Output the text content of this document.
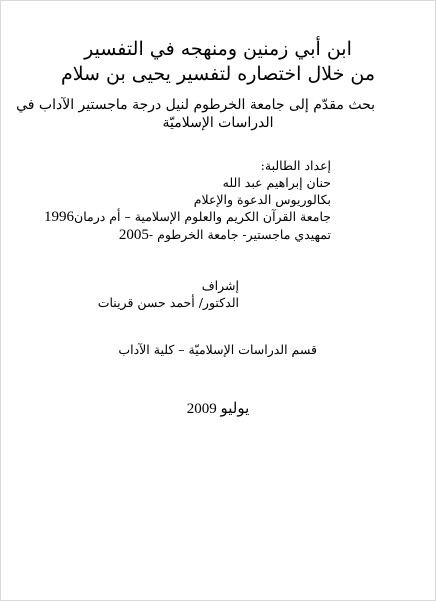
ابن أبي زمنين ومنهجه في التفسير
من خلال اختصاره لتفسير يحيى بن سلام
بحث مقدّم إلى جامعة الخرطوم لنيل درجة ماجستير الآداب في
الدراسات الإسلاميّة
إعداد الطالبة:
حنان إبراهيم عبد الله
بكالوريوس الدعوة والإعلام
جامعة القرآن الكريم والعلوم الإسلامية – أم درمان1996
تمهيدي ماجستير- جامعة الخرطوم -2005
إشراف
الدكتور/ أحمد حسن قرينات
قسم الدراسات الإسلاميّة – كلية الآداب
يوليو 2009
